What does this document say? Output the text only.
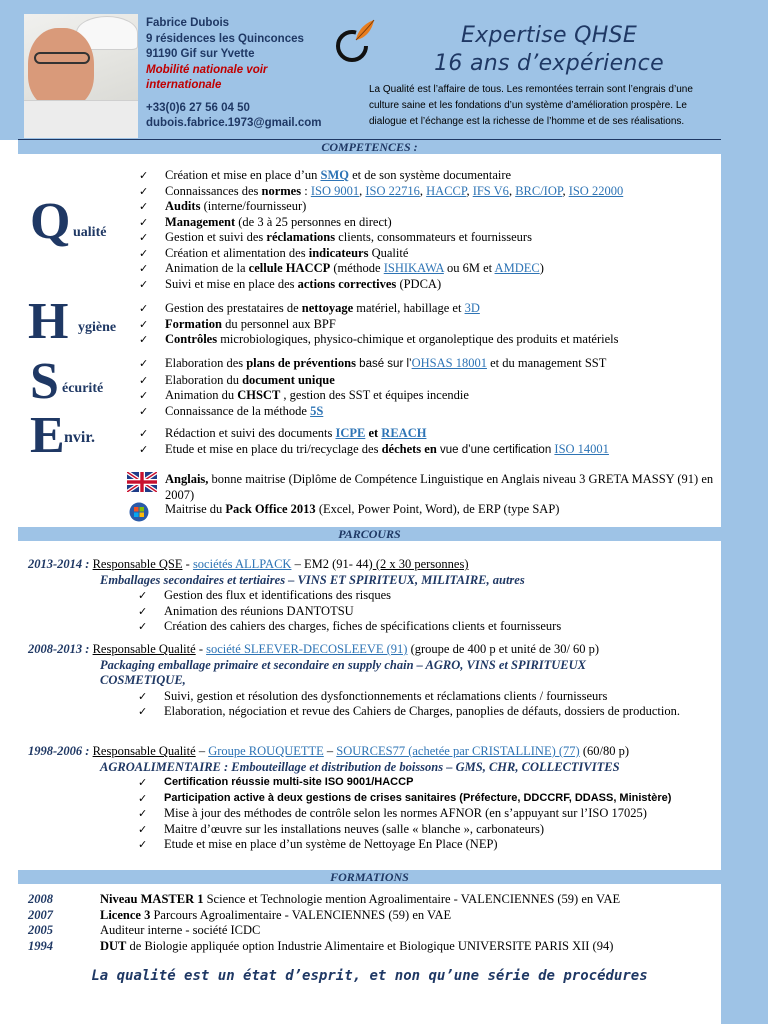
Fabrice Dubois
9 résidences les Quinconces
91190 Gif sur Yvette
Mobilité nationale voir
internationale
+33(0)6 27 56 04 50
dubois.fabrice.1973@gmail.com
Expertise QHSE
16 ans d’expérience
La Qualité est l’affaire de tous. Les remontées terrain sont l’engrais d’une culture saine et les fondations d’un système d’amélioration prospère. Le dialogue et l’échange est la richesse de l’homme et de ses réalisations.
COMPETENCES :
Q ualité
H ygiène
S écurité
E nvir.
✓ Création et mise en place d’un SMQ et de son système documentaire
✓ Connaissances des normes : ISO 9001, ISO 22716, HACCP, IFS V6, BRC/IOP, ISO 22000
✓ Audits (interne/fournisseur)
✓ Management (de 3 à 25 personnes en direct)
✓ Gestion et suivi des réclamations clients, consommateurs et fournisseurs
✓ Création et alimentation des indicateurs Qualité
✓ Animation de la cellule HACCP (méthode ISHIKAWA ou 6M et AMDEC)
✓ Suivi et mise en place des actions correctives (PDCA)
✓ Gestion des prestataires de nettoyage matériel, habillage et 3D
✓ Formation du personnel aux BPF
✓ Contrôles microbiologiques, physico-chimique et organoleptique des produits et matériels
✓ Elaboration des plans de préventions basé sur l’OHSAS 18001 et du management SST
✓ Elaboration du document unique
✓ Animation du CHSCT , gestion des SST et équipes incendie
✓ Connaissance de la méthode 5S
✓ Rédaction et suivi des documents ICPE et REACH
✓ Etude et mise en place du tri/recyclage des déchets en vue d’une certification ISO 14001
Anglais, bonne maitrise (Diplôme de Compétence Linguistique en Anglais niveau 3 GRETA MASSY (91) en 2007)
Maitrise du Pack Office 2013 (Excel, Power Point, Word), de ERP (type SAP)
PARCOURS
2013-2014 : Responsable QSE - sociétés ALLPACK – EM2 (91- 44) (2 x 30 personnes)
Emballages secondaires et tertiaires – VINS ET SPIRITEUX, MILITAIRE, autres
✓ Gestion des flux et identifications des risques
✓ Animation des réunions DANTOTSU
✓ Création des cahiers des charges, fiches de spécifications clients et fournisseurs
2008-2013 : Responsable Qualité - société SLEEVER-DECOSLEEVE (91) (groupe de 400 p et unité de 30/ 60 p)
Packaging emballage primaire et secondaire en supply chain – AGRO, VINS et SPIRITUEUX
COSMETIQUE,
✓ Suivi, gestion et résolution des dysfonctionnements et réclamations clients / fournisseurs
✓ Elaboration, négociation et revue des Cahiers de Charges, panoplies de défauts, dossiers de production.
1998-2006 : Responsable Qualité – Groupe ROUQUETTE – SOURCES77 (achetée par CRISTALLINE) (77) (60/80 p)
AGROALIMENTAIRE : Embouteillage et distribution de boissons – GMS, CHR, COLLECTIVITES
✓ Certification réussie multi-site ISO 9001/HACCP
✓ Participation active à deux gestions de crises sanitaires (Préfecture, DDCCRF, DDASS, Ministère)
✓ Mise à jour des méthodes de contrôle selon les normes AFNOR (en s’appuyant sur l’ISO 17025)
✓ Maitre d’œuvre sur les installations neuves (salle « blanche », carbonateurs)
✓ Etude et mise en place d’un système de Nettoyage En Place (NEP)
FORMATIONS
2008	Niveau MASTER 1 Science et Technologie mention Agroalimentaire - VALENCIENNES (59) en VAE
2007	Licence 3 Parcours Agroalimentaire - VALENCIENNES (59) en VAE
2005	Auditeur interne - société ICDC
1994	DUT de Biologie appliquée option Industrie Alimentaire et Biologique UNIVERSITE PARIS XII (94)
La qualité est un état d’esprit, et non qu’une série de procédures
